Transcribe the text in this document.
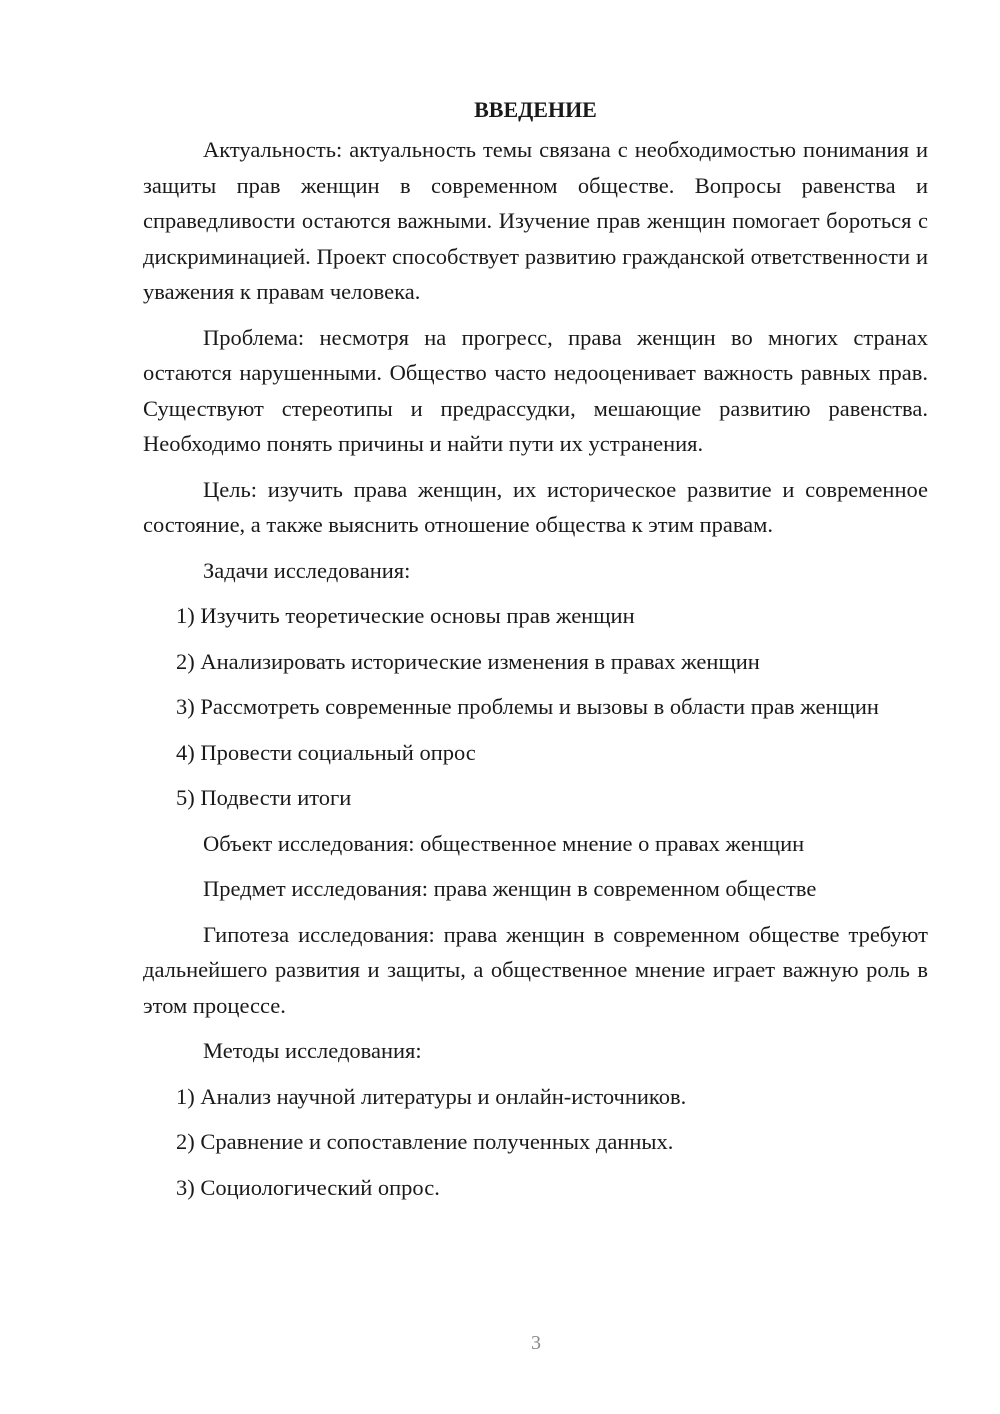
ВВЕДЕНИЕ

Актуальность: актуальность темы связана с необходимостью понимания и защиты прав женщин в современном обществе. Вопросы равенства и справедливости остаются важными. Изучение прав женщин помогает бороться с дискриминацией. Проект способствует развитию гражданской ответственности и уважения к правам человека.

Проблема: несмотря на прогресс, права женщин во многих странах остаются нарушенными. Общество часто недооценивает важность равных прав. Существуют стереотипы и предрассудки, мешающие развитию равенства. Необходимо понять причины и найти пути их устранения.

Цель: изучить права женщин, их историческое развитие и современное состояние, а также выяснить отношение общества к этим правам.

Задачи исследования:

1) Изучить теоретические основы прав женщин

2) Анализировать исторические изменения в правах женщин

3) Рассмотреть современные проблемы и вызовы в области прав женщин

4) Провести социальный опрос

5) Подвести итоги

Объект исследования: общественное мнение о правах женщин

Предмет исследования: права женщин в современном обществе

Гипотеза исследования: права женщин в современном обществе требуют дальнейшего развития и защиты, а общественное мнение играет важную роль в этом процессе.

Методы исследования:

1) Анализ научной литературы и онлайн-источников.

2) Сравнение и сопоставление полученных данных.

3) Социологический опрос.

3
